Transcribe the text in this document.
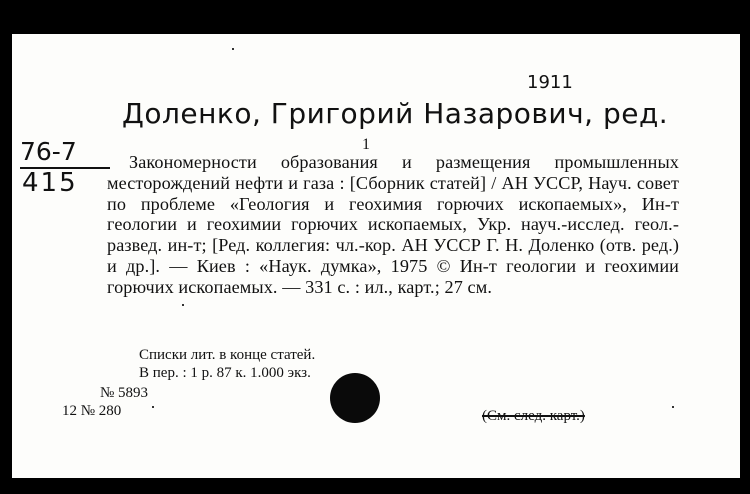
1911
Доленко, Григорий Назарович, ред.
76-7
415
1
Закономерности образования и размещения промышленных месторождений нефти и газа : [Сборник статей] / АН УССР, Науч. совет по проблеме «Геология и геохимия горючих ископаемых», Ин-т геологии и геохимии горючих ископаемых, Укр. науч.-исслед. геол.-развед. ин-т; [Ред. коллегия: чл.-кор. АН УССР Г. Н. Доленко (отв. ред.) и др.]. — Киев : «Наук. думка», 1975 © Ин-т геологии и геохимии горючих ископаемых. — 331 с. : ил., карт.; 27 см.
Списки лит. в конце статей.
В пер. : 1 р. 87 к. 1.000 экз.
№ 5893
12 № 280	(См. след. карт.)
